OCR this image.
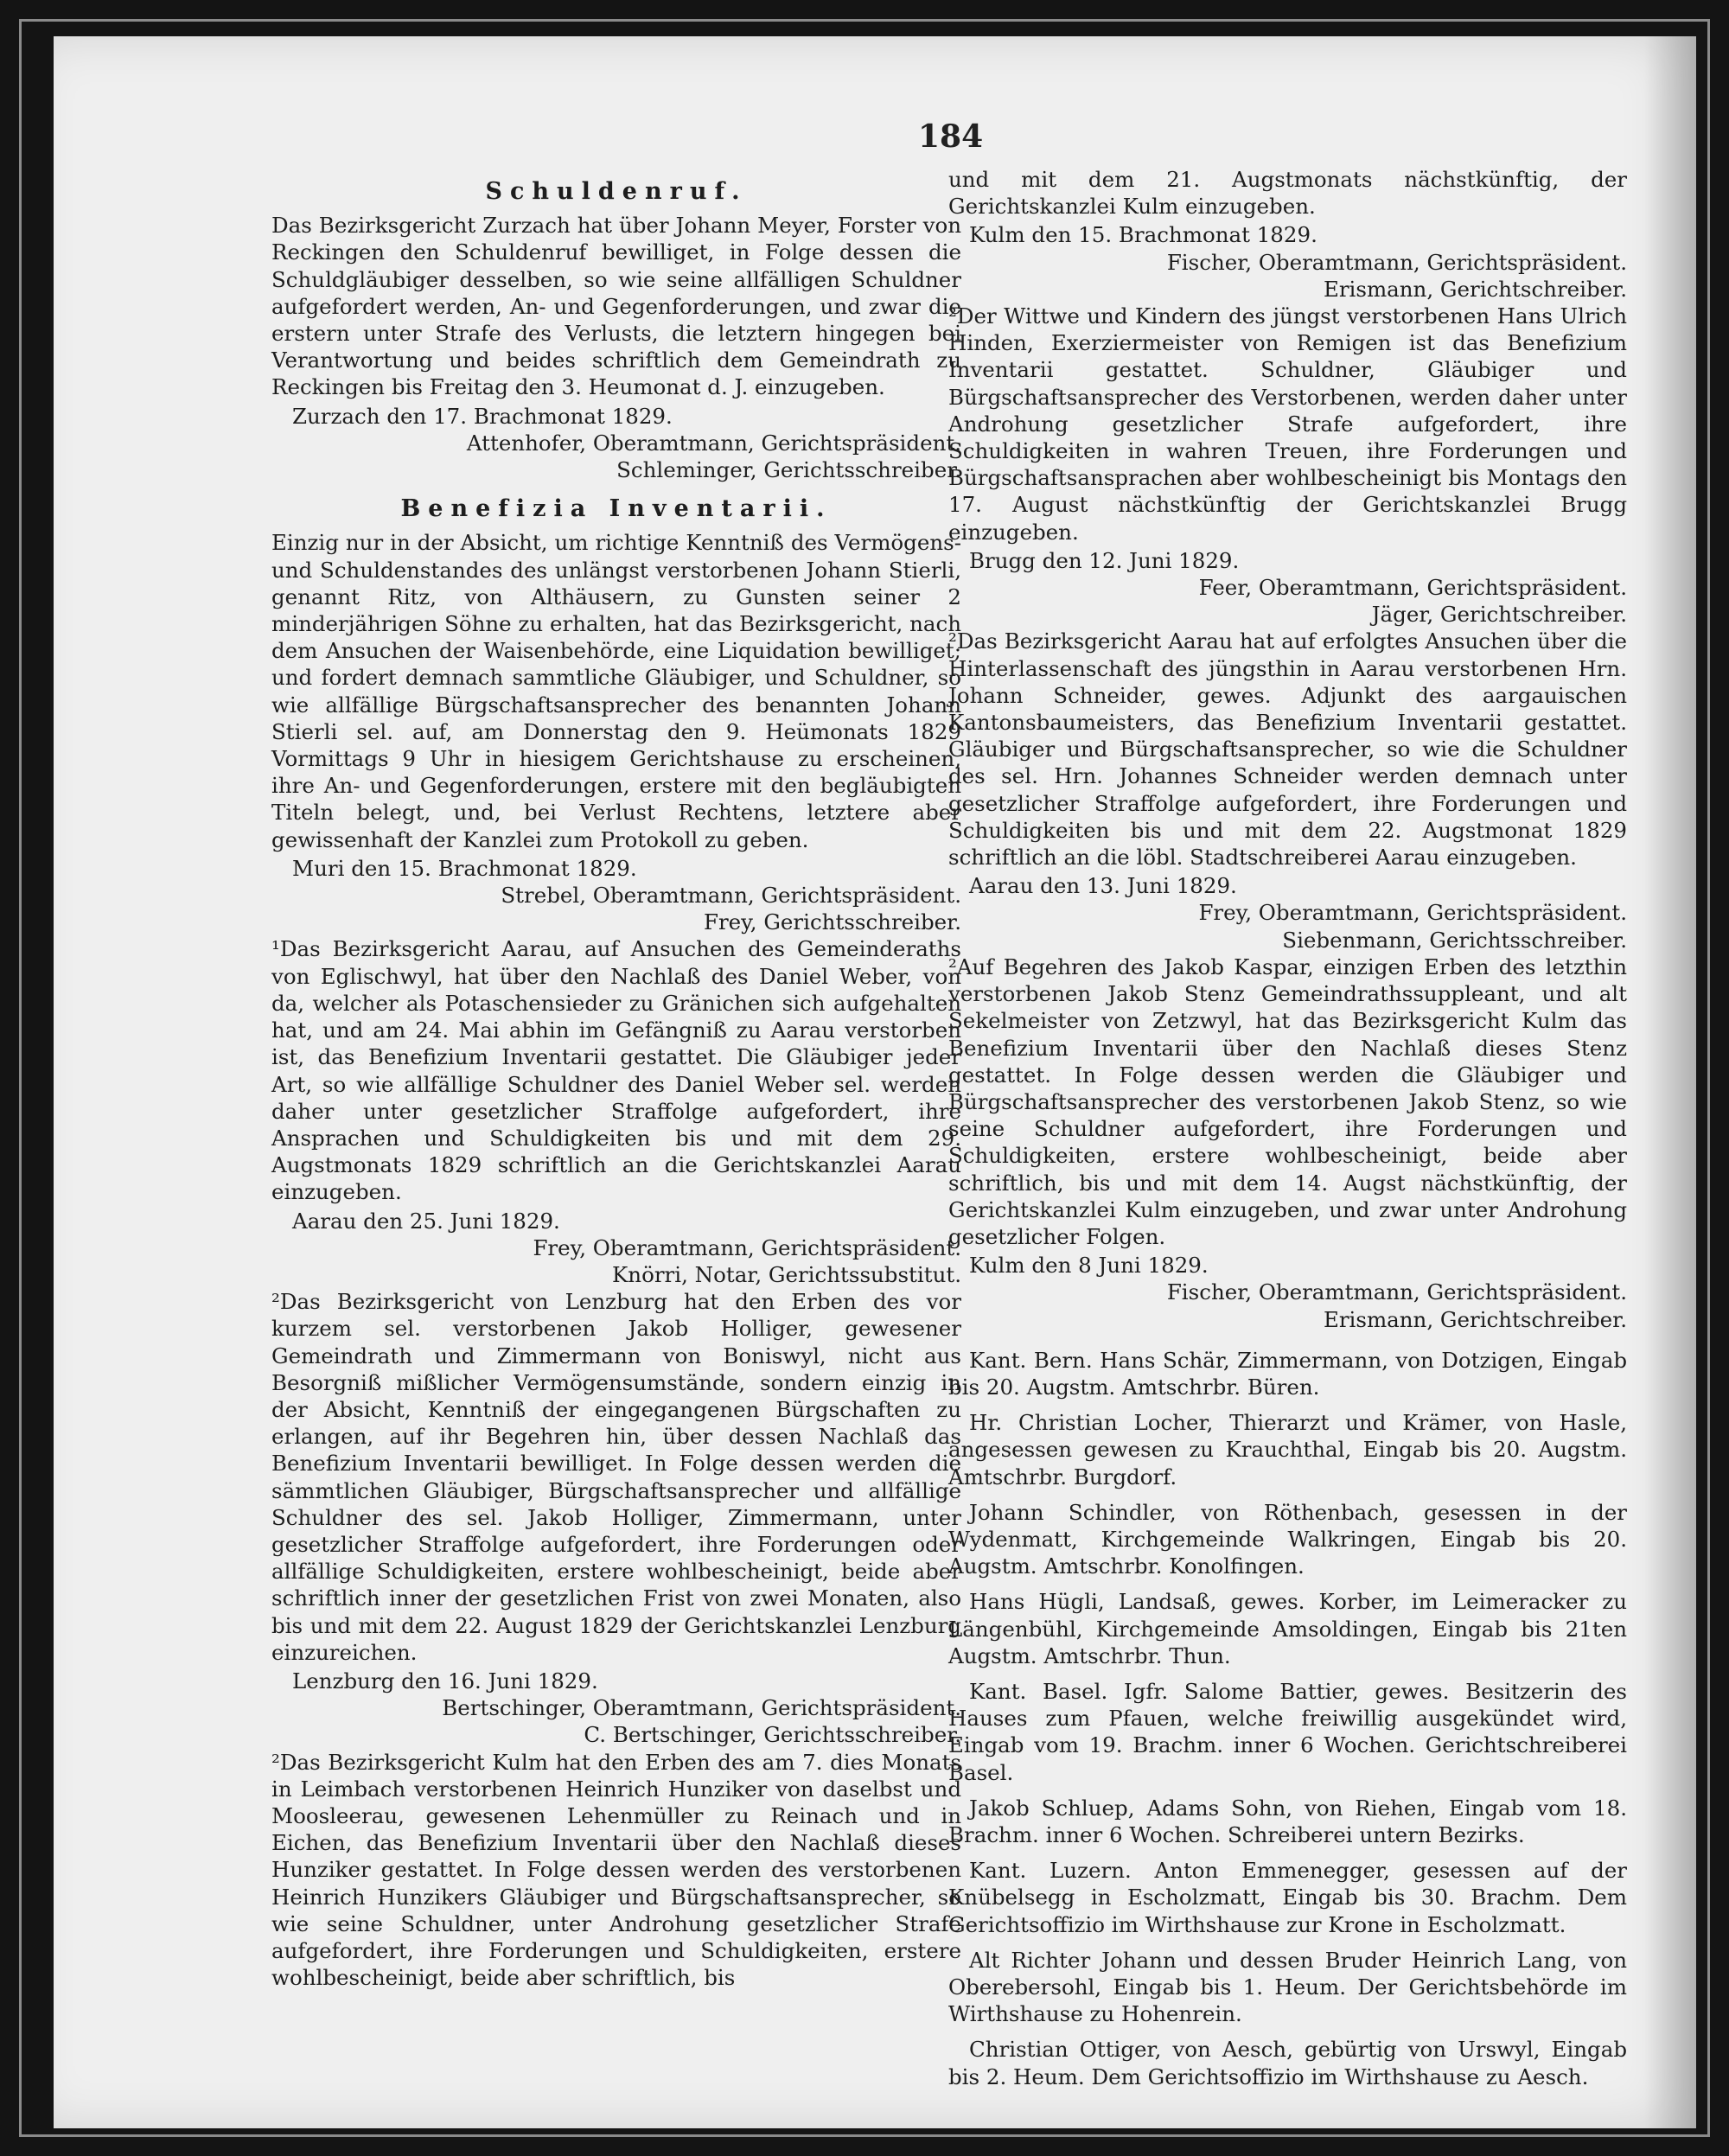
184
Schuldenruf.

Das Bezirksgericht Zurzach hat über Johann Meyer, Forster von Reckingen den Schuldenruf bewilliget, in Folge dessen die Schuldgläubiger desselben, so wie seine allfälligen Schuldner aufgefordert werden, An- und Gegenforderungen, und zwar die erstern unter Strafe des Verlusts, die letztern hingegen bei Verantwortung und beides schriftlich dem Gemeindrath zu Reckingen bis Freitag den 3. Heumonat d. J. einzugeben.

Zurzach den 17. Brachmonat 1829.

Attenhofer, Oberamtmann, Gerichtspräsident.

Schleminger, Gerichtsschreiber.

Benefizia Inventarii.

Einzig nur in der Absicht, um richtige Kenntniß des Vermögens- und Schuldenstandes des unlängst verstorbenen Johann Stierli, genannt Ritz, von Althäusern, zu Gunsten seiner 2 minderjährigen Söhne zu erhalten, hat das Bezirksgericht, nach dem Ansuchen der Waisenbehörde, eine Liquidation bewilliget; und fordert demnach sammtliche Gläubiger, und Schuldner, so wie allfällige Bürgschaftsansprecher des benannten Johann Stierli sel. auf, am Donnerstag den 9. Heümonats 1829 Vormittags 9 Uhr in hiesigem Gerichtshause zu erscheinen, ihre An- und Gegenforderungen, erstere mit den begläubigten Titeln belegt, und, bei Verlust Rechtens, letztere aber gewissenhaft der Kanzlei zum Protokoll zu geben.

Muri den 15. Brachmonat 1829.

Strebel, Oberamtmann, Gerichtspräsident.

Frey, Gerichtsschreiber.

¹Das Bezirksgericht Aarau, auf Ansuchen des Gemeinderaths von Eglischwyl, hat über den Nachlaß des Daniel Weber, von da, welcher als Potaschensieder zu Gränichen sich aufgehalten hat, und am 24. Mai abhin im Gefängniß zu Aarau verstorben ist, das Benefizium Inventarii gestattet. Die Gläubiger jeder Art, so wie allfällige Schuldner des Daniel Weber sel. werden daher unter gesetzlicher Straffolge aufgefordert, ihre Ansprachen und Schuldigkeiten bis und mit dem 29. Augstmonats 1829 schriftlich an die Gerichtskanzlei Aarau einzugeben.

Aarau den 25. Juni 1829.

Frey, Oberamtmann, Gerichtspräsident.

Knörri, Notar, Gerichtssubstitut.

²Das Bezirksgericht von Lenzburg hat den Erben des vor kurzem sel. verstorbenen Jakob Holliger, gewesener Gemeindrath und Zimmermann von Boniswyl, nicht aus Besorgniß mißlicher Vermögensumstände, sondern einzig in der Absicht, Kenntniß der eingegangenen Bürgschaften zu erlangen, auf ihr Begehren hin, über dessen Nachlaß das Benefizium Inventarii bewilliget. In Folge dessen werden die sämmtlichen Gläubiger, Bürgschaftsansprecher und allfällige Schuldner des sel. Jakob Holliger, Zimmermann, unter gesetzlicher Straffolge aufgefordert, ihre Forderungen oder allfällige Schuldigkeiten, erstere wohlbescheinigt, beide aber schriftlich inner der gesetzlichen Frist von zwei Monaten, also bis und mit dem 22. August 1829 der Gerichtskanzlei Lenzburg einzureichen.

Lenzburg den 16. Juni 1829.

Bertschinger, Oberamtmann, Gerichtspräsident.

C. Bertschinger, Gerichtsschreiber.

²Das Bezirksgericht Kulm hat den Erben des am 7. dies Monats in Leimbach verstorbenen Heinrich Hunziker von daselbst und Moosleerau, gewesenen Lehenmüller zu Reinach und in Eichen, das Benefizium Inventarii über den Nachlaß dieses Hunziker gestattet. In Folge dessen werden des verstorbenen Heinrich Hunzikers Gläubiger und Bürgschaftsansprecher, so wie seine Schuldner, unter Androhung gesetzlicher Strafe aufgefordert, ihre Forderungen und Schuldigkeiten, erstere wohlbescheinigt, beide aber schriftlich, bis

und mit dem 21. Augstmonats nächstkünftig, der Gerichtskanzlei Kulm einzugeben.

Kulm den 15. Brachmonat 1829.

Fischer, Oberamtmann, Gerichtspräsident.

Erismann, Gerichtschreiber.

²Der Wittwe und Kindern des jüngst verstorbenen Hans Ulrich Hinden, Exerziermeister von Remigen ist das Benefizium Inventarii gestattet. Schuldner, Gläubiger und Bürgschaftsansprecher des Verstorbenen, werden daher unter Androhung gesetzlicher Strafe aufgefordert, ihre Schuldigkeiten in wahren Treuen, ihre Forderungen und Bürgschaftsansprachen aber wohlbescheinigt bis Montags den 17. August nächstkünftig der Gerichtskanzlei Brugg einzugeben.

Brugg den 12. Juni 1829.

Feer, Oberamtmann, Gerichtspräsident.

Jäger, Gerichtschreiber.

²Das Bezirksgericht Aarau hat auf erfolgtes Ansuchen über die Hinterlassenschaft des jüngsthin in Aarau verstorbenen Hrn. Johann Schneider, gewes. Adjunkt des aargauischen Kantonsbaumeisters, das Benefizium Inventarii gestattet. Gläubiger und Bürgschaftsansprecher, so wie die Schuldner des sel. Hrn. Johannes Schneider werden demnach unter gesetzlicher Straffolge aufgefordert, ihre Forderungen und Schuldigkeiten bis und mit dem 22. Augstmonat 1829 schriftlich an die löbl. Stadtschreiberei Aarau einzugeben.

Aarau den 13. Juni 1829.

Frey, Oberamtmann, Gerichtspräsident.

Siebenmann, Gerichtsschreiber.

²Auf Begehren des Jakob Kaspar, einzigen Erben des letzthin verstorbenen Jakob Stenz Gemeindrathssuppleant, und alt Sekelmeister von Zetzwyl, hat das Bezirksgericht Kulm das Benefizium Inventarii über den Nachlaß dieses Stenz gestattet. In Folge dessen werden die Gläubiger und Bürgschaftsansprecher des verstorbenen Jakob Stenz, so wie seine Schuldner aufgefordert, ihre Forderungen und Schuldigkeiten, erstere wohlbescheinigt, beide aber schriftlich, bis und mit dem 14. Augst nächstkünftig, der Gerichtskanzlei Kulm einzugeben, und zwar unter Androhung gesetzlicher Folgen.

Kulm den 8 Juni 1829.

Fischer, Oberamtmann, Gerichtspräsident.

Erismann, Gerichtschreiber.

Kant. Bern. Hans Schär, Zimmermann, von Dotzigen, Eingab bis 20. Augstm. Amtschrbr. Büren.

Hr. Christian Locher, Thierarzt und Krämer, von Hasle, angesessen gewesen zu Krauchthal, Eingab bis 20. Augstm. Amtschrbr. Burgdorf.

Johann Schindler, von Röthenbach, gesessen in der Wydenmatt, Kirchgemeinde Walkringen, Eingab bis 20. Augstm. Amtschrbr. Konolfingen.

Hans Hügli, Landsaß, gewes. Korber, im Leimeracker zu Längenbühl, Kirchgemeinde Amsoldingen, Eingab bis 21ten Augstm. Amtschrbr. Thun.

Kant. Basel. Igfr. Salome Battier, gewes. Besitzerin des Hauses zum Pfauen, welche freiwillig ausgekündet wird, Eingab vom 19. Brachm. inner 6 Wochen. Gerichtschreiberei Basel.

Jakob Schluep, Adams Sohn, von Riehen, Eingab vom 18. Brachm. inner 6 Wochen. Schreiberei untern Bezirks.

Kant. Luzern. Anton Emmenegger, gesessen auf der Knübelsegg in Escholzmatt, Eingab bis 30. Brachm. Dem Gerichtsoffizio im Wirthshause zur Krone in Escholzmatt.

Alt Richter Johann und dessen Bruder Heinrich Lang, von Oberebersohl, Eingab bis 1. Heum. Der Gerichtsbehörde im Wirthshause zu Hohenrein.

Christian Ottiger, von Aesch, gebürtig von Urswyl, Eingab bis 2. Heum. Dem Gerichtsoffizio im Wirthshause zu Aesch.
